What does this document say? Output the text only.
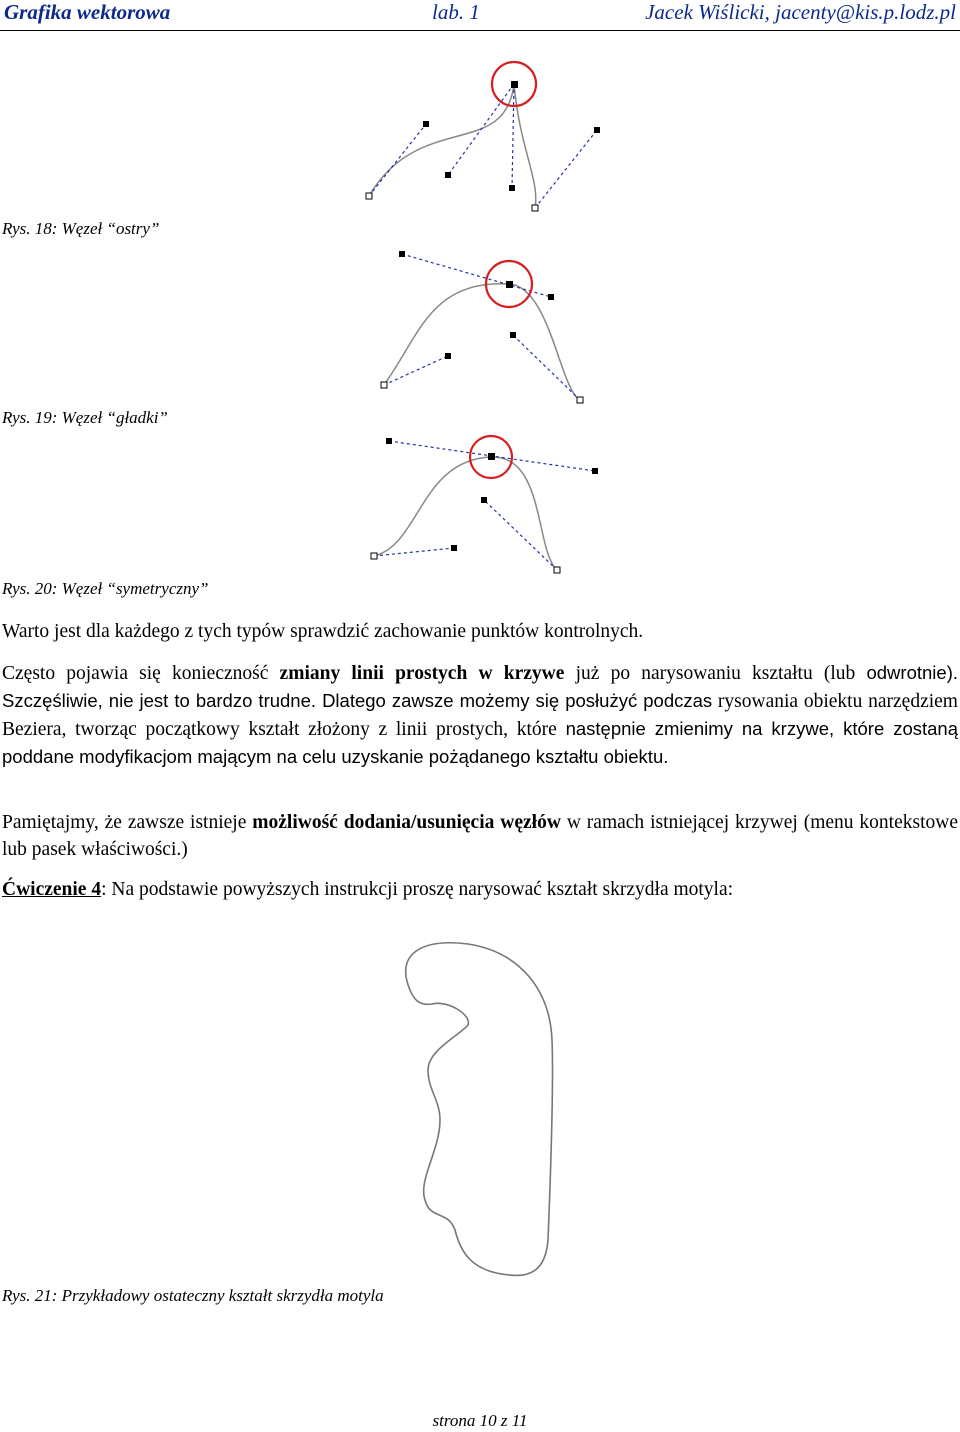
Grafika wektorowa	lab. 1	Jacek Wiślicki, jacenty@kis.p.lodz.pl
Rys. 18: Węzeł “ostry”
Rys. 19: Węzeł “gładki”
Rys. 20: Węzeł “symetryczny”

Warto jest dla każdego z tych typów sprawdzić zachowanie punktów kontrolnych.

Często pojawia się konieczność zmiany linii prostych w krzywe już po narysowaniu kształtu (lub odwrotnie). Szczęśliwie, nie jest to bardzo trudne. Dlatego zawsze możemy się posłużyć podczas rysowania obiektu narzędziem Beziera, tworząc początkowy kształt złożony z linii prostych, które następnie zmienimy na krzywe, które zostaną poddane modyfikacjom mającym na celu uzyskanie pożądanego kształtu obiektu.

Pamiętajmy, że zawsze istnieje możliwość dodania/usunięcia węzłów w ramach istniejącej krzywej (menu kontekstowe lub pasek właściwości.)

Ćwiczenie 4: Na podstawie powyższych instrukcji proszę narysować kształt skrzydła motyla:

Rys. 21: Przykładowy ostateczny kształt skrzydła motyla
strona 10 z 11
